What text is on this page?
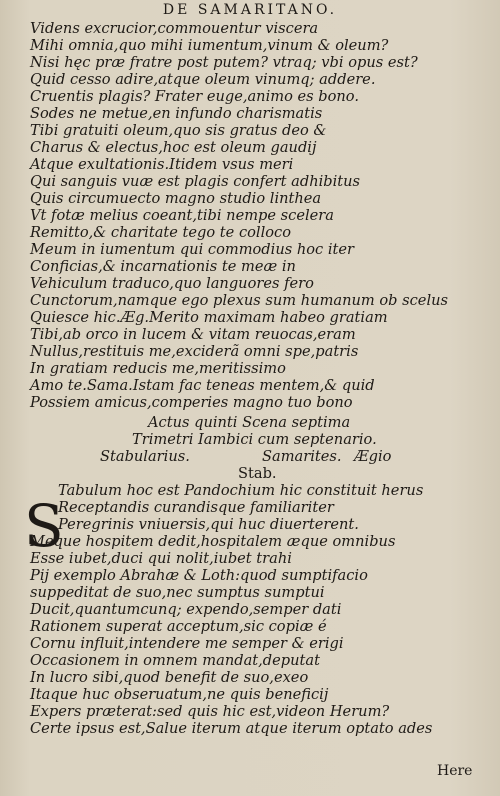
DE SAMARITANO.
Videns excrucior,commouentur viscera
Mihi omnia,quo mihi iumentum,vinum & oleum?
Nisi hęc præ fratre post putem? vtraq; vbi opus est?
Quid cesso adire,atque oleum vinumq; addere.
Cruentis plagis? Frater euge,animo es bono.
Sodes ne metue,en infundo charismatis
Tibi gratuiti oleum,quo sis gratus deo &
Charus & electus,hoc est oleum gaudij
Atque exultationis.Itidem vsus meri
Qui sanguis vuæ est plagis confert adhibitus
Quis circumuecto magno studio linthea
Vt fotæ melius coeant,tibi nempe scelera
Remitto,& charitate tego te colloco
Meum in iumentum qui commodius hoc iter
Conficias,& incarnationis te meæ in
Vehiculum traduco,quo languores fero
Cunctorum,namque ego plexus sum humanum ob scelus
Quiesce hic.Æg.Merito maximam habeo gratiam
Tibi,ab orco in lucem & vitam reuocas,eram
Nullus,restituis me,exciderã omni spe,patris
In gratiam reducis me,meritissimo
Amo te.Sama.Istam fac teneas mentem,& quid
Possiem amicus,comperies magno tuo bono
Actus quinti Scena septima
Trimetri Iambici cum septenario.
Stabularius.	Samarites. Ægio
Stab.
S
Tabulum hoc est Pandochium hic constituit herus
Receptandis curandisque familiariter
Peregrinis vniuersis,qui huc diuerterent.
Meque hospitem dedit,hospitalem æque omnibus
Esse iubet,duci qui nolit,iubet trahi
Pij exemplo Abrahæ & Loth:quod sumptifacio
suppeditat de suo,nec sumptus sumptui
Ducit,quantumcunq; expendo,semper dati
Rationem superat acceptum,sic copiæ é
Cornu influit,intendere me semper & erigi
Occasionem in omnem mandat,deputat
In lucro sibi,quod benefit de suo,exeo
Itaque huc obseruatum,ne quis beneficij
Expers præterat:sed quis hic est,videon Herum?
Certe ipsus est,Salue iterum atque iterum optato ades
Here
